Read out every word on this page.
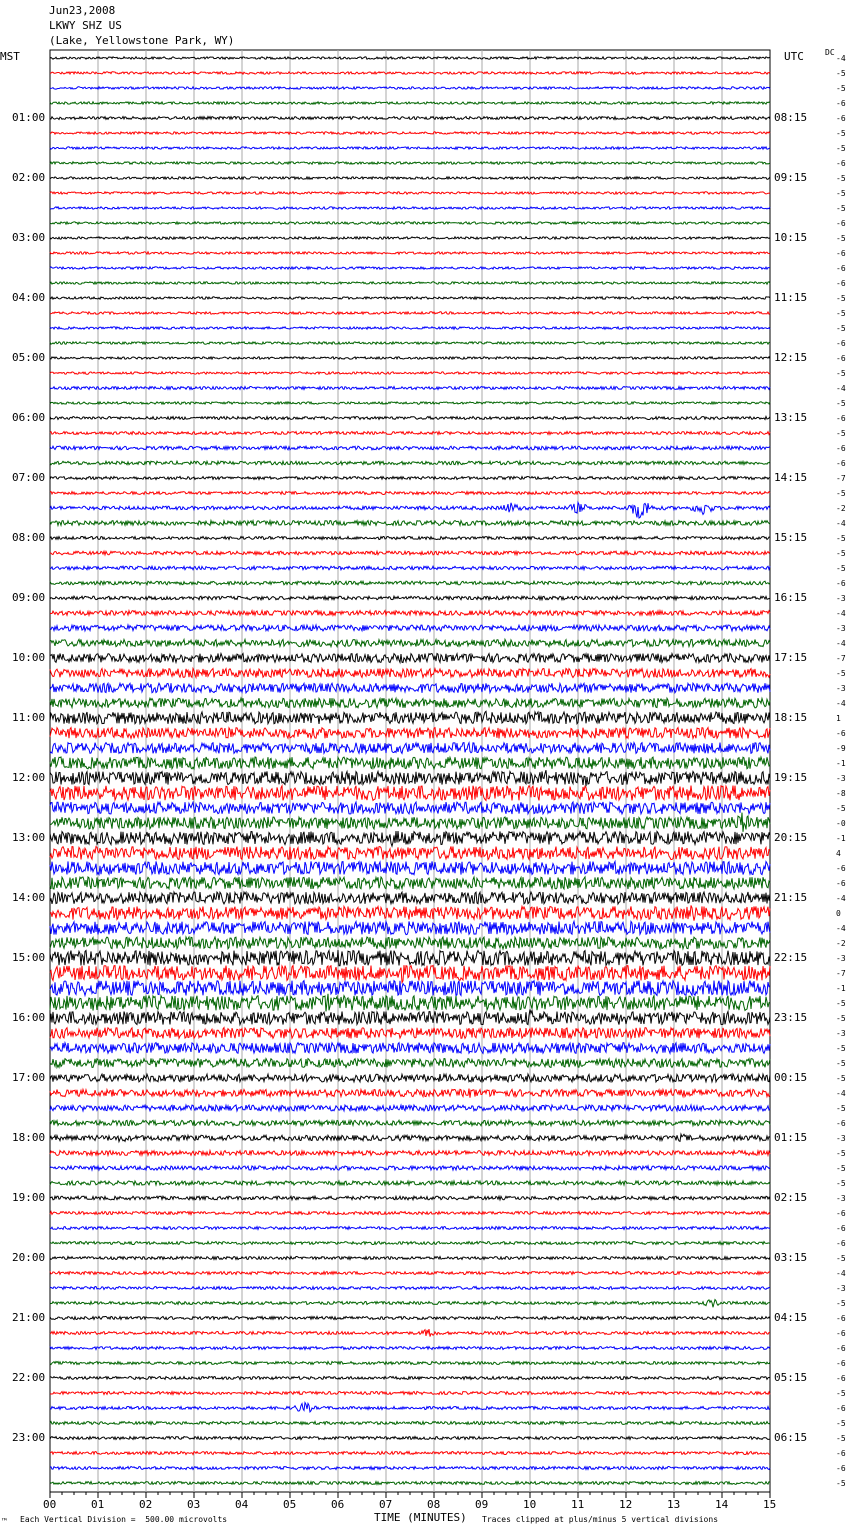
Jun23,2008
LKWY SHZ US
(Lake, Yellowstone Park, WY)
MST	UTC	DC
01:00
02:00
03:00
04:00
05:00
06:00
07:00
08:00
09:00
10:00
11:00
12:00
13:00
14:00
15:00
16:00
17:00
18:00
19:00
20:00
21:00
22:00
23:00
08:15
09:15
10:15
11:15
12:15
13:15
14:15
15:15
16:15
17:15
18:15
19:15
20:15
21:15
22:15
23:15
00:15
01:15
02:15
03:15
04:15
05:15
06:15
-4
-5
-5
-6
-6
-5
-5
-6
-5
-5
-5
-6
-5
-6
-6
-6
-5
-5
-5
-6
-6
-5
-4
-5
-6
-5
-6
-6
-7
-5
-2
-4
-5
-5
-5
-6
-3
-4
-3
-4
-7
-5
-3
-4
1
-6
-9
-1
-3
-8
-5
-0
-1
4
-6
-6
-4
0
-4
-2
-3
-7
-1
-5
-5
-3
-5
-5
-5
-4
-5
-6
-3
-5
-5
-5
-3
-6
-6
-6
-5
-4
-3
-5
-6
-6
-6
-6
-6
-5
-6
-5
-5
-6
-6
-5
00	01	02	03	04	05	06	07	08	09	10	11	12	13	14	15
™ Each Vertical Division =  500.00 microvolts	TIME (MINUTES) Traces clipped at plus/minus 5 vertical divisions
